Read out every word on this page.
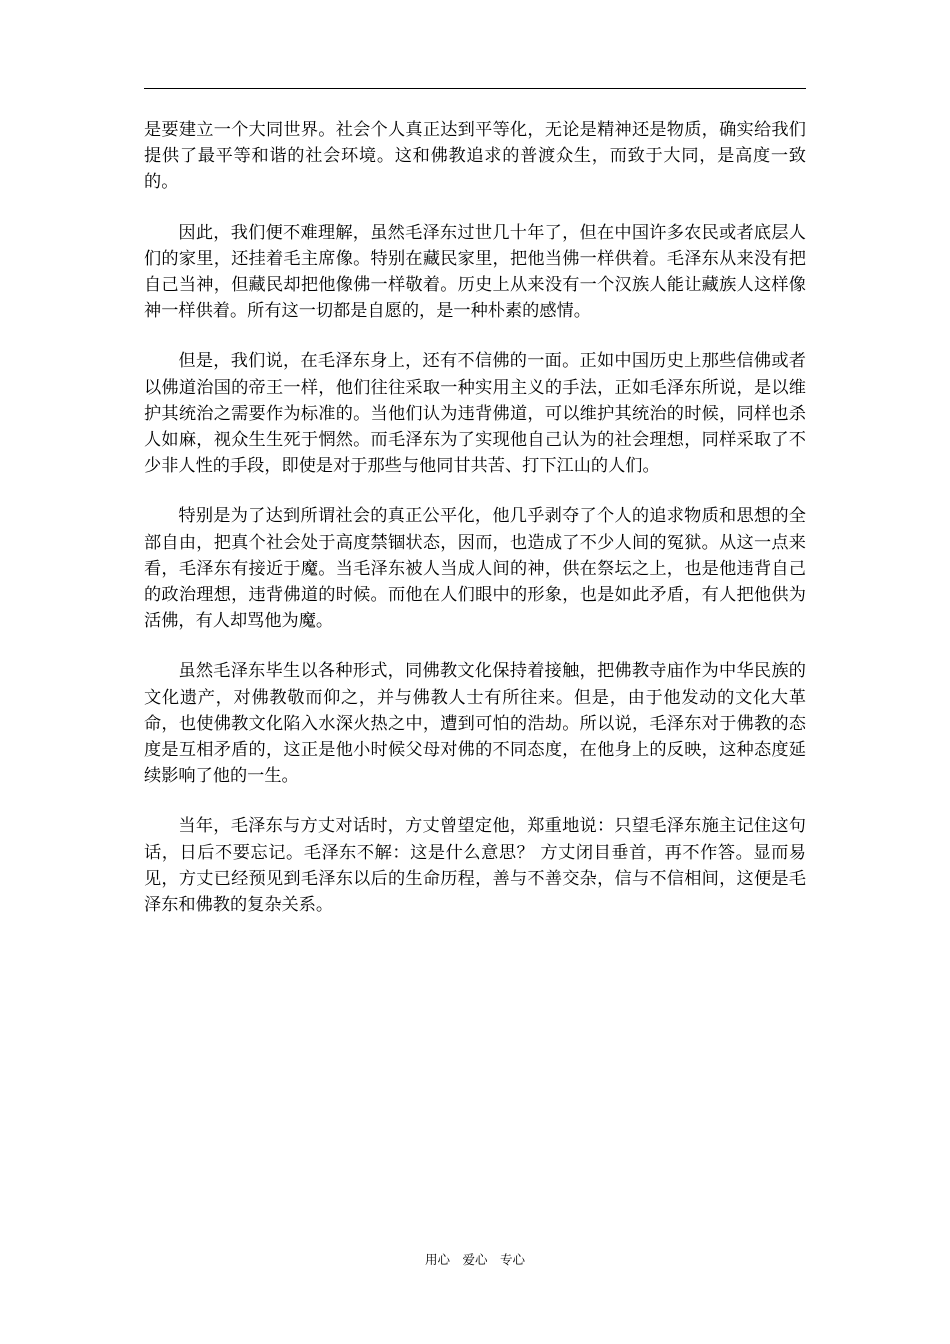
是要建立一个大同世界。社会个人真正达到平等化，无论是精神还是物质，确实给我们提供了最平等和谐的社会环境。这和佛教追求的普渡众生，而致于大同，是高度一致的。

因此，我们便不难理解，虽然毛泽东过世几十年了，但在中国许多农民或者底层人们的家里，还挂着毛主席像。特别在藏民家里，把他当佛一样供着。毛泽东从来没有把自己当神，但藏民却把他像佛一样敬着。历史上从来没有一个汉族人能让藏族人这样像神一样供着。所有这一切都是自愿的，是一种朴素的感情。

但是，我们说，在毛泽东身上，还有不信佛的一面。正如中国历史上那些信佛或者以佛道治国的帝王一样，他们往往采取一种实用主义的手法，正如毛泽东所说，是以维护其统治之需要作为标准的。当他们认为违背佛道，可以维护其统治的时候，同样也杀人如麻，视众生生死于惘然。而毛泽东为了实现他自己认为的社会理想，同样采取了不少非人性的手段，即使是对于那些与他同甘共苦、打下江山的人们。

特别是为了达到所谓社会的真正公平化，他几乎剥夺了个人的追求物质和思想的全部自由，把真个社会处于高度禁锢状态，因而，也造成了不少人间的冤狱。从这一点来看，毛泽东有接近于魔。当毛泽东被人当成人间的神，供在祭坛之上，也是他违背自己的政治理想，违背佛道的时候。而他在人们眼中的形象，也是如此矛盾，有人把他供为活佛，有人却骂他为魔。

虽然毛泽东毕生以各种形式，同佛教文化保持着接触，把佛教寺庙作为中华民族的文化遗产，对佛教敬而仰之，并与佛教人士有所往来。但是，由于他发动的文化大革命，也使佛教文化陷入水深火热之中，遭到可怕的浩劫。所以说，毛泽东对于佛教的态度是互相矛盾的，这正是他小时候父母对佛的不同态度，在他身上的反映，这种态度延续影响了他的一生。

当年，毛泽东与方丈对话时，方丈曾望定他，郑重地说：只望毛泽东施主记住这句话，日后不要忘记。毛泽东不解：这是什么意思？ 方丈闭目垂首，再不作答。显而易见，方丈已经预见到毛泽东以后的生命历程，善与不善交杂，信与不信相间，这便是毛泽东和佛教的复杂关系。

用心　爱心　专心
